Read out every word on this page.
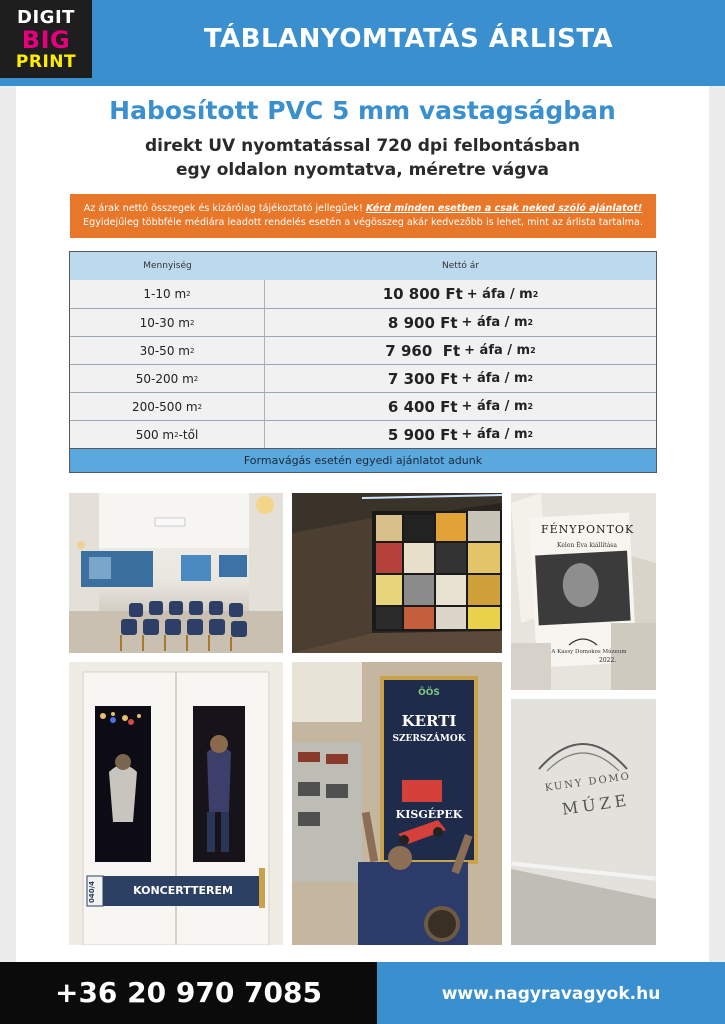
DIGIT
BIG
PRINT
TÁBLANYOMTATÁS ÁRLISTA
Habosított PVC 5 mm vastagságban
direkt UV nyomtatással 720 dpi felbontásban
egy oldalon nyomtatva, méretre vágva
Az árak nettó összegek és kizárólag tájékoztató jellegűek! Kérd minden esetben a csak neked szóló ajánlatot!
Egyidejűleg többféle médiára leadott rendelés esetén a végösszeg akár kedvezőbb is lehet, mint az árlista tartalma.
Mennyiség	Nettó ár
1-10 m 2	10 800 Ft + áfa / m 2
10-30 m 2	8 900 Ft + áfa / m 2
30-50 m 2	7 960  Ft + áfa / m 2
50-200 m 2	7 300 Ft + áfa / m 2
200-500 m 2	6 400 Ft + áfa / m 2
500 m 2 -től	5 900 Ft + áfa / m 2
Formavágás esetén egyedi ajánlatot adunk
FÉNYPONTOK
Kelen Éva kiállítása
A Kassy Domokos Múzeum
2022.
040/4	KONCERTTEREM
ÖÖS
KERTI
SZERSZÁMOK
KISGÉPEK
KUNY DOMO
MÚZE
+36 20 970 7085	www.nagyravagyok.hu
